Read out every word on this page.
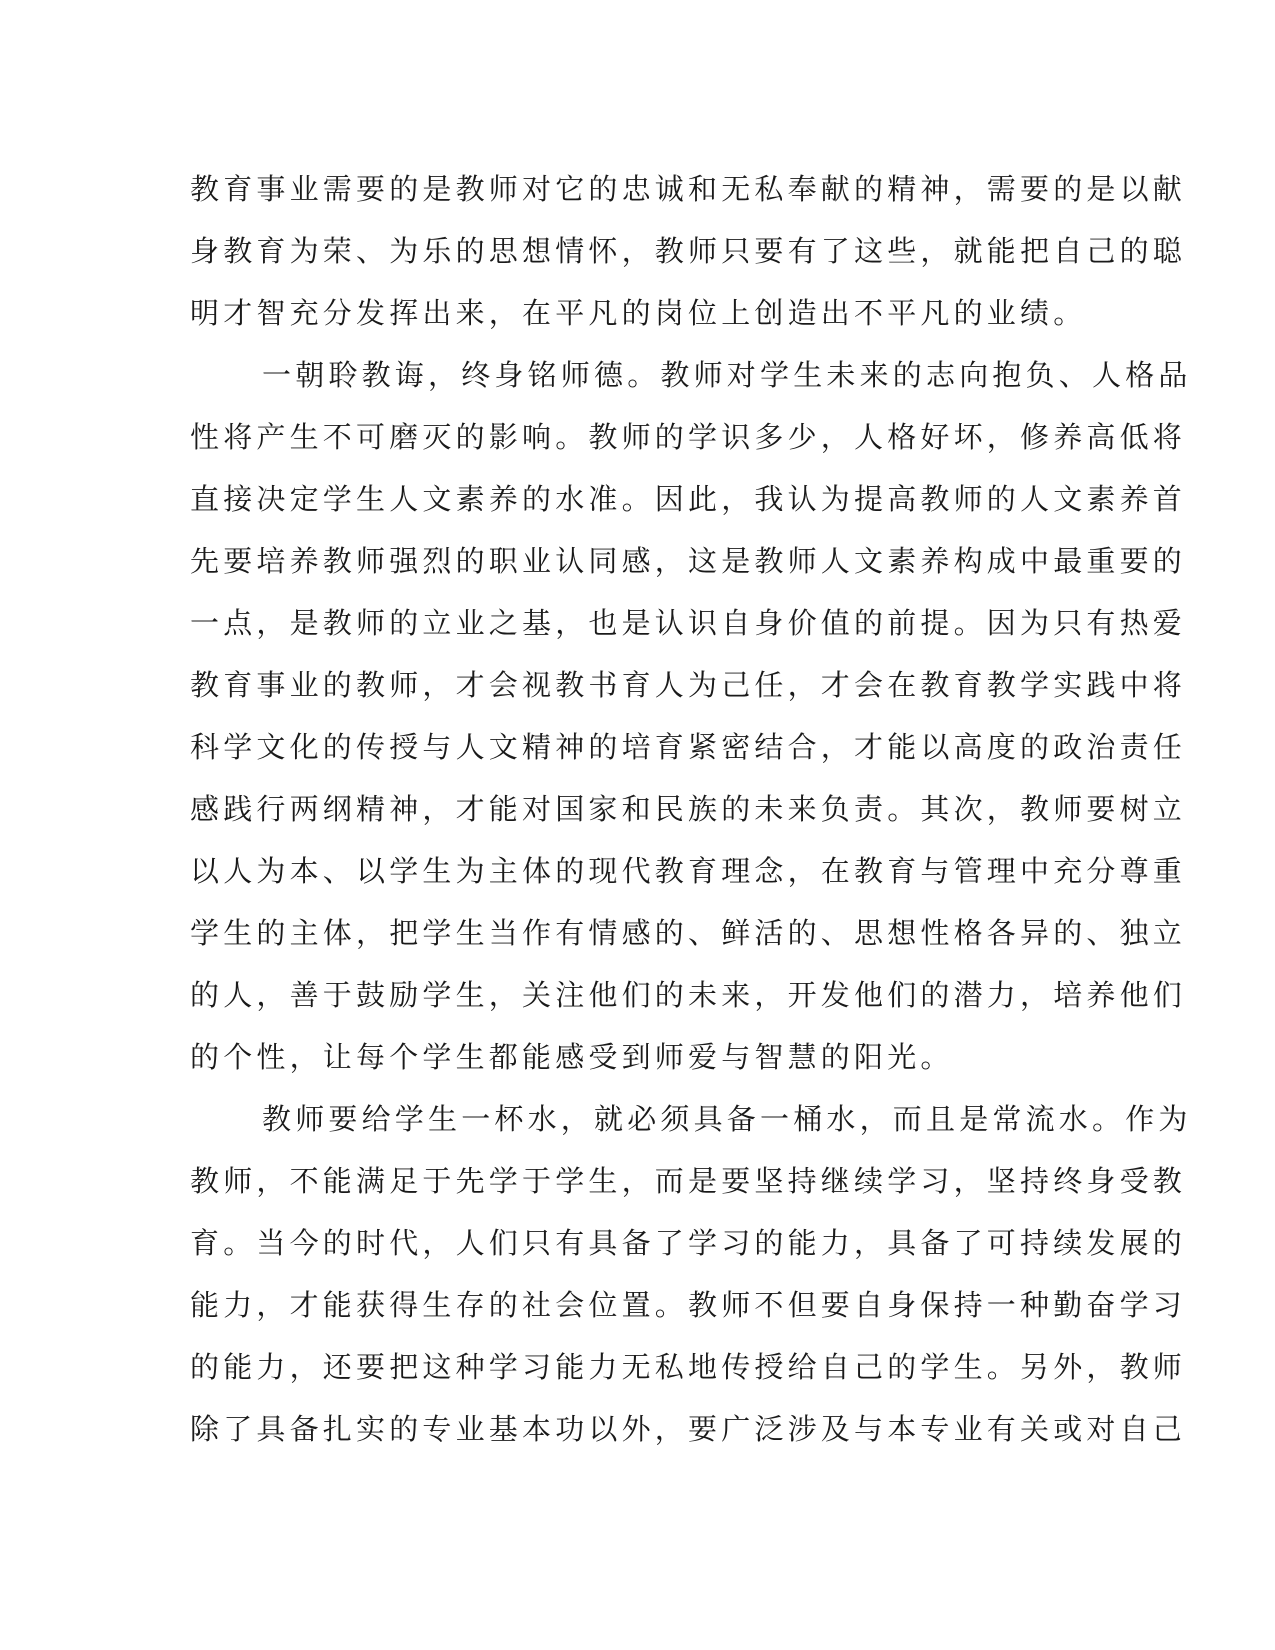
教育事业需要的是教师对它的忠诚和无私奉献的精神，需要的是以献
身教育为荣、为乐的思想情怀，教师只要有了这些，就能把自己的聪
明才智充分发挥出来，在平凡的岗位上创造出不平凡的业绩。
一朝聆教诲，终身铭师德。教师对学生未来的志向抱负、人格品
性将产生不可磨灭的影响。教师的学识多少，人格好坏，修养高低将
直接决定学生人文素养的水准。因此，我认为提高教师的人文素养首
先要培养教师强烈的职业认同感，这是教师人文素养构成中最重要的
一点，是教师的立业之基，也是认识自身价值的前提。因为只有热爱
教育事业的教师，才会视教书育人为己任，才会在教育教学实践中将
科学文化的传授与人文精神的培育紧密结合，才能以高度的政治责任
感践行两纲精神，才能对国家和民族的未来负责。其次，教师要树立
以人为本、以学生为主体的现代教育理念，在教育与管理中充分尊重
学生的主体，把学生当作有情感的、鲜活的、思想性格各异的、独立
的人，善于鼓励学生，关注他们的未来，开发他们的潜力，培养他们
的个性，让每个学生都能感受到师爱与智慧的阳光。
教师要给学生一杯水，就必须具备一桶水，而且是常流水。作为
教师，不能满足于先学于学生，而是要坚持继续学习，坚持终身受教
育。当今的时代，人们只有具备了学习的能力，具备了可持续发展的
能力，才能获得生存的社会位置。教师不但要自身保持一种勤奋学习
的能力，还要把这种学习能力无私地传授给自己的学生。另外，教师
除了具备扎实的专业基本功以外，要广泛涉及与本专业有关或对自己
